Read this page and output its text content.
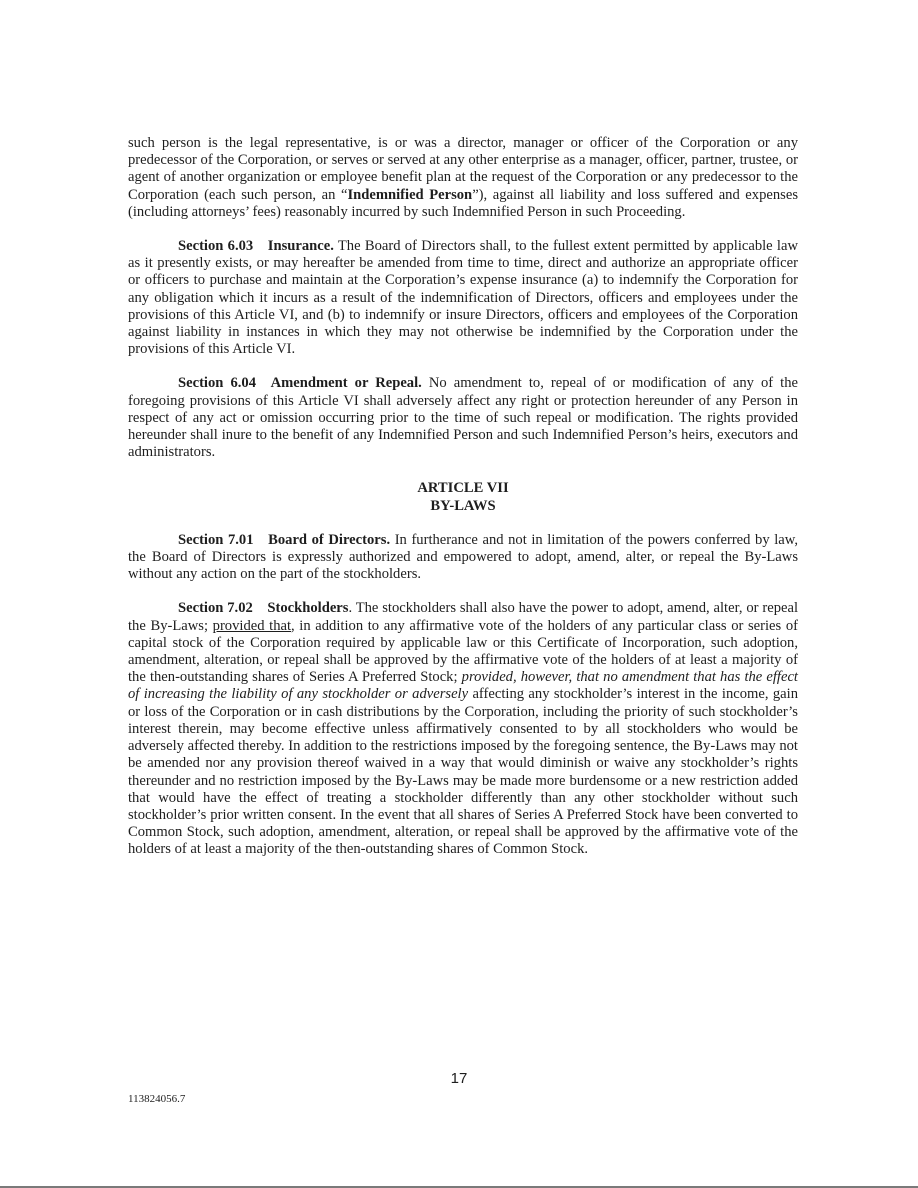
such person is the legal representative, is or was a director, manager or officer of the Corporation or any predecessor of the Corporation, or serves or served at any other enterprise as a manager, officer, partner, trustee, or agent of another organization or employee benefit plan at the request of the Corporation or any predecessor to the Corporation (each such person, an “Indemnified Person”), against all liability and loss suffered and expenses (including attorneys’ fees) reasonably incurred by such Indemnified Person in such Proceeding.

Section 6.03 Insurance. The Board of Directors shall, to the fullest extent permitted by applicable law as it presently exists, or may hereafter be amended from time to time, direct and authorize an appropriate officer or officers to purchase and maintain at the Corporation’s expense insurance (a) to indemnify the Corporation for any obligation which it incurs as a result of the indemnification of Directors, officers and employees under the provisions of this Article VI, and (b) to indemnify or insure Directors, officers and employees of the Corporation against liability in instances in which they may not otherwise be indemnified by the Corporation under the provisions of this Article VI.

Section 6.04 Amendment or Repeal. No amendment to, repeal of or modification of any of the foregoing provisions of this Article VI shall adversely affect any right or protection hereunder of any Person in respect of any act or omission occurring prior to the time of such repeal or modification. The rights provided hereunder shall inure to the benefit of any Indemnified Person and such Indemnified Person’s heirs, executors and administrators.

ARTICLE VII

BY-LAWS

Section 7.01 Board of Directors. In furtherance and not in limitation of the powers conferred by law, the Board of Directors is expressly authorized and empowered to adopt, amend, alter, or repeal the By-Laws without any action on the part of the stockholders.

Section 7.02 Stockholders. The stockholders shall also have the power to adopt, amend, alter, or repeal the By-Laws; provided that, in addition to any affirmative vote of the holders of any particular class or series of capital stock of the Corporation required by applicable law or this Certificate of Incorporation, such adoption, amendment, alteration, or repeal shall be approved by the affirmative vote of the holders of at least a majority of the then-outstanding shares of Series A Preferred Stock; provided, however, that no amendment that has the effect of increasing the liability of any stockholder or adversely affecting any stockholder’s interest in the income, gain or loss of the Corporation or in cash distributions by the Corporation, including the priority of such stockholder’s interest therein, may become effective unless affirmatively consented to by all stockholders who would be adversely affected thereby. In addition to the restrictions imposed by the foregoing sentence, the By-Laws may not be amended nor any provision thereof waived in a way that would diminish or waive any stockholder’s rights thereunder and no restriction imposed by the By-Laws may be made more burdensome or a new restriction added that would have the effect of treating a stockholder differently than any other stockholder without such stockholder’s prior written consent. In the event that all shares of Series A Preferred Stock have been converted to Common Stock, such adoption, amendment, alteration, or repeal shall be approved by the affirmative vote of the holders of at least a majority of the then-outstanding shares of Common Stock.

17
113824056.7
